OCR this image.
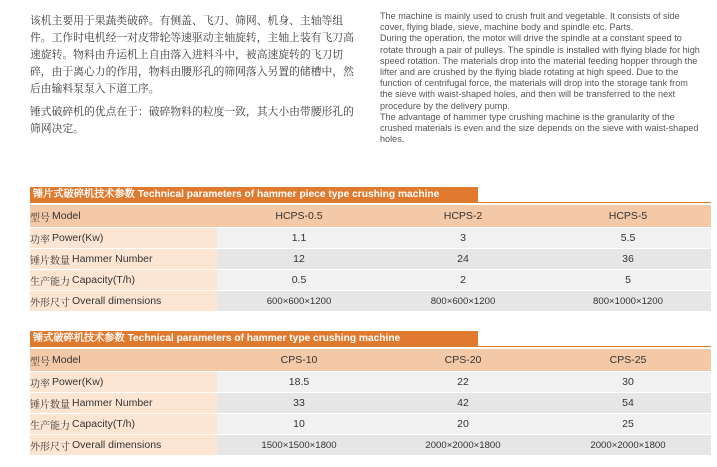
该机主要用于果蔬类破碎。有侧盖、飞刀、筛网、机身、主轴等组件。工作时电机经一对皮带轮等速驱动主轴旋转，主轴上装有飞刀高速旋转。物料由升运机上自由落入进料斗中，被高速旋转的飞刀切碎，由于离心力的作用，物料由腰形孔的筛网落入另置的储槽中，然后由输料泵泵入下道工序。

锤式破碎机的优点在于：破碎物料的粒度一致，其大小由带腰形孔的筛网决定。

The machine is mainly used to crush fruit and vegetable. It consists of side cover, flying blade, sieve, machine body and spindle etc. Parts.

During the operation, the motor will drive the spindle at a constant speed to rotate through a pair of pulleys. The spindle is installed with flying blade for high speed rotation. The materials drop into the material feeding hopper through the lifter and are crushed by the flying blade rotating at high speed. Due to the function of centrifugal force, the materials will drop into the storage tank from the sieve with waist-shaped holes, and then will be transferred to the next procedure by the delivery pump.

The advantage of hammer type crushing machine is the granularity of the crushed materials is even and the size depends on the sieve with waist-shaped holes.

锤片式破碎机技术参数 Technical parameters of hammer piece type crushing machine
型号 Model	HCPS-0.5	HCPS-2	HCPS-5
功率 Power(Kw)	1.1	3	5.5
锤片数量 Hammer Number	12	24	36
生产能力 Capacity(T/h)	0.5	2	5
外形尺寸 Overall dimensions	600×600×1200	800×600×1200	800×1000×1200
锤式破碎机技术参数 Technical parameters of hammer type crushing machine
型号 Model	CPS-10	CPS-20	CPS-25
功率 Power(Kw)	18.5	22	30
锤片数量 Hammer Number	33	42	54
生产能力 Capacity(T/h)	10	20	25
外形尺寸 Overall dimensions	1500×1500×1800	2000×2000×1800	2000×2000×1800
